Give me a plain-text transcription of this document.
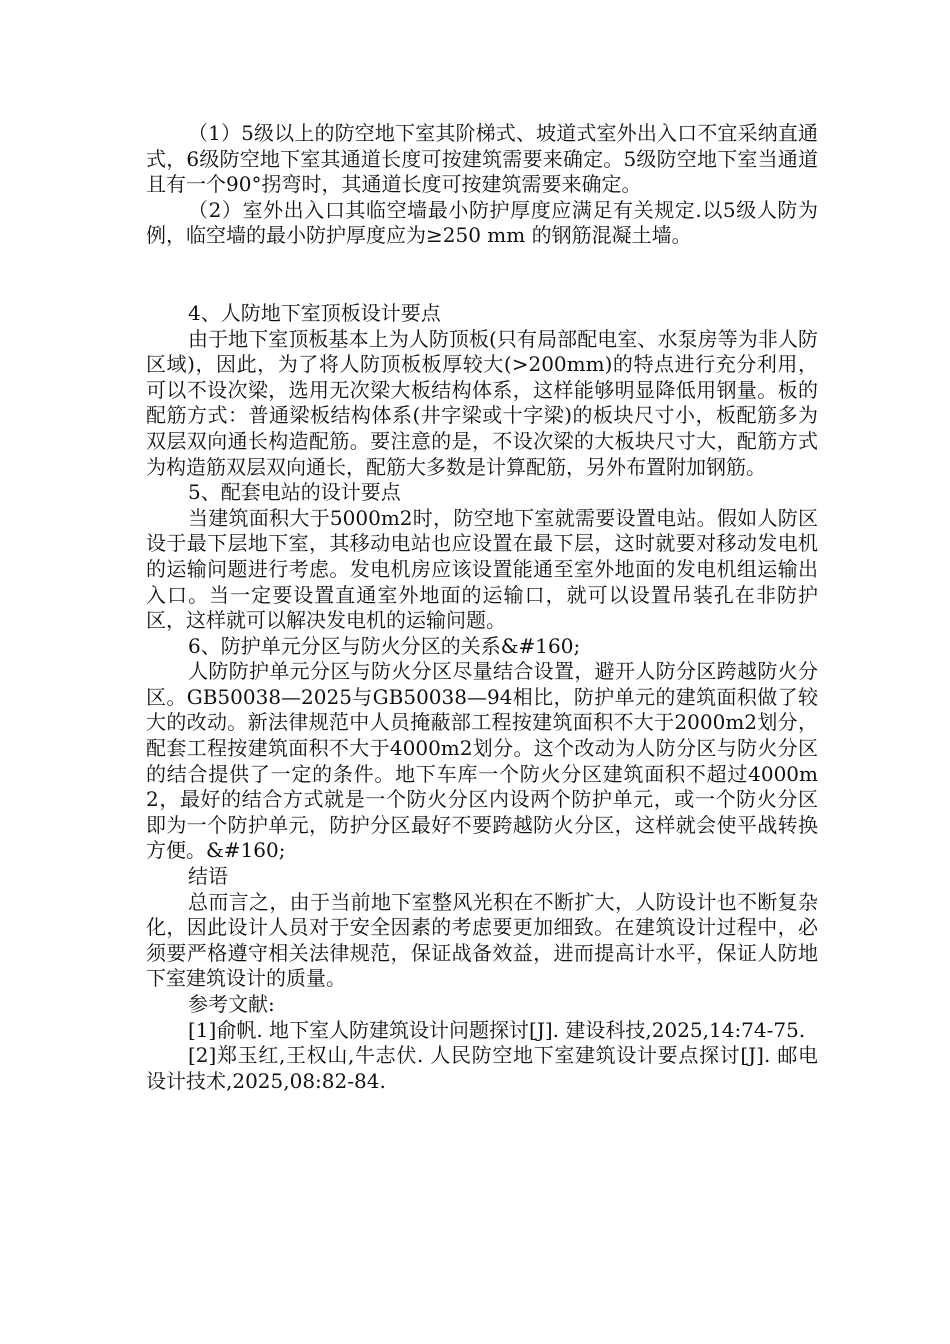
（1）5级以上的防空地下室其阶梯式、坡道式室外出入口不宜采纳直通式，6级防空地下室其通道长度可按建筑需要来确定。5级防空地下室当通道且有一个90°拐弯时，其通道长度可按建筑需要来确定。

（2）室外出入口其临空墙最小防护厚度应满足有关规定.以5级人防为例，临空墙的最小防护厚度应为≥250 mm 的钢筋混凝土墙。

4、人防地下室顶板设计要点

由于地下室顶板基本上为人防顶板(只有局部配电室、水泵房等为非人防区域)，因此，为了将人防顶板板厚较大(>200mm)的特点进行充分利用，可以不设次梁，选用无次梁大板结构体系，这样能够明显降低用钢量。板的配筋方式：普通梁板结构体系(井字梁或十字梁)的板块尺寸小，板配筋多为双层双向通长构造配筋。要注意的是，不设次梁的大板块尺寸大，配筋方式为构造筋双层双向通长，配筋大多数是计算配筋，另外布置附加钢筋。

5、配套电站的设计要点

当建筑面积大于5000m2时，防空地下室就需要设置电站。假如人防区设于最下层地下室，其移动电站也应设置在最下层，这时就要对移动发电机的运输问题进行考虑。发电机房应该设置能通至室外地面的发电机组运输出入口。当一定要设置直通室外地面的运输口，就可以设置吊装孔在非防护区，这样就可以解决发电机的运输问题。

6、防护单元分区与防火分区的关系&#160;

人防防护单元分区与防火分区尽量结合设置，避开人防分区跨越防火分区。GB50038—2025与GB50038—94相比，防护单元的建筑面积做了较大的改动。新法律规范中人员掩蔽部工程按建筑面积不大于2000m2划分，配套工程按建筑面积不大于4000m2划分。这个改动为人防分区与防火分区的结合提供了一定的条件。地下车库一个防火分区建筑面积不超过4000m2，最好的结合方式就是一个防火分区内设两个防护单元，或一个防火分区即为一个防护单元，防护分区最好不要跨越防火分区，这样就会使平战转换方便。&#160;

结语

总而言之，由于当前地下室整风光积在不断扩大，人防设计也不断复杂化，因此设计人员对于安全因素的考虑要更加细致。在建筑设计过程中，必须要严格遵守相关法律规范，保证战备效益，进而提高计水平，保证人防地下室建筑设计的质量。

参考文献:

[1]俞帆. 地下室人防建筑设计问题探讨[J]. 建设科技,2025,14:74-75.

[2]郑玉红,王权山,牛志伏. 人民防空地下室建筑设计要点探讨[J]. 邮电设计技术,2025,08:82-84.
